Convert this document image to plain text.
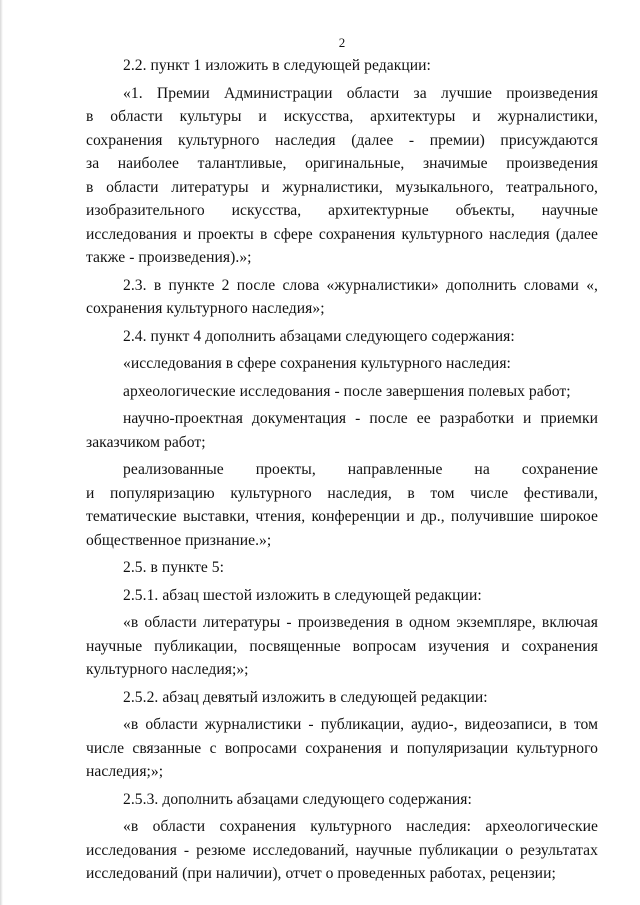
2
2.2. пункт 1 изложить в следующей редакции:
«1. Премии Администрации области за лучшие произведения
в области культуры и искусства, архитектуры и журналистики,
сохранения культурного наследия (далее - премии) присуждаются
за наиболее талантливые, оригинальные, значимые произведения
в области литературы и журналистики, музыкального, театрального,
изобразительного искусства, архитектурные объекты, научные
исследования и проекты в сфере сохранения культурного наследия (далее
также - произведения).»;
2.3. в пункте 2 после слова «журналистики» дополнить словами «,
сохранения культурного наследия»;
2.4. пункт 4 дополнить абзацами следующего содержания:
«исследования в сфере сохранения культурного наследия:
археологические исследования - после завершения полевых работ;
научно-проектная документация - после ее разработки и приемки
заказчиком работ;
реализованные проекты, направленные на сохранение
и популяризацию культурного наследия, в том числе фестивали,
тематические выставки, чтения, конференции и др., получившие широкое
общественное признание.»;
2.5. в пункте 5:
2.5.1. абзац шестой изложить в следующей редакции:
«в области литературы - произведения в одном экземпляре, включая
научные публикации, посвященные вопросам изучения и сохранения
культурного наследия;»;
2.5.2. абзац девятый изложить в следующей редакции:
«в области журналистики - публикации, аудио-, видеозаписи, в том
числе связанные с вопросами сохранения и популяризации культурного
наследия;»;
2.5.3. дополнить абзацами следующего содержания:
«в области сохранения культурного наследия: археологические
исследования - резюме исследований, научные публикации о результатах
исследований (при наличии), отчет о проведенных работах, рецензии;
